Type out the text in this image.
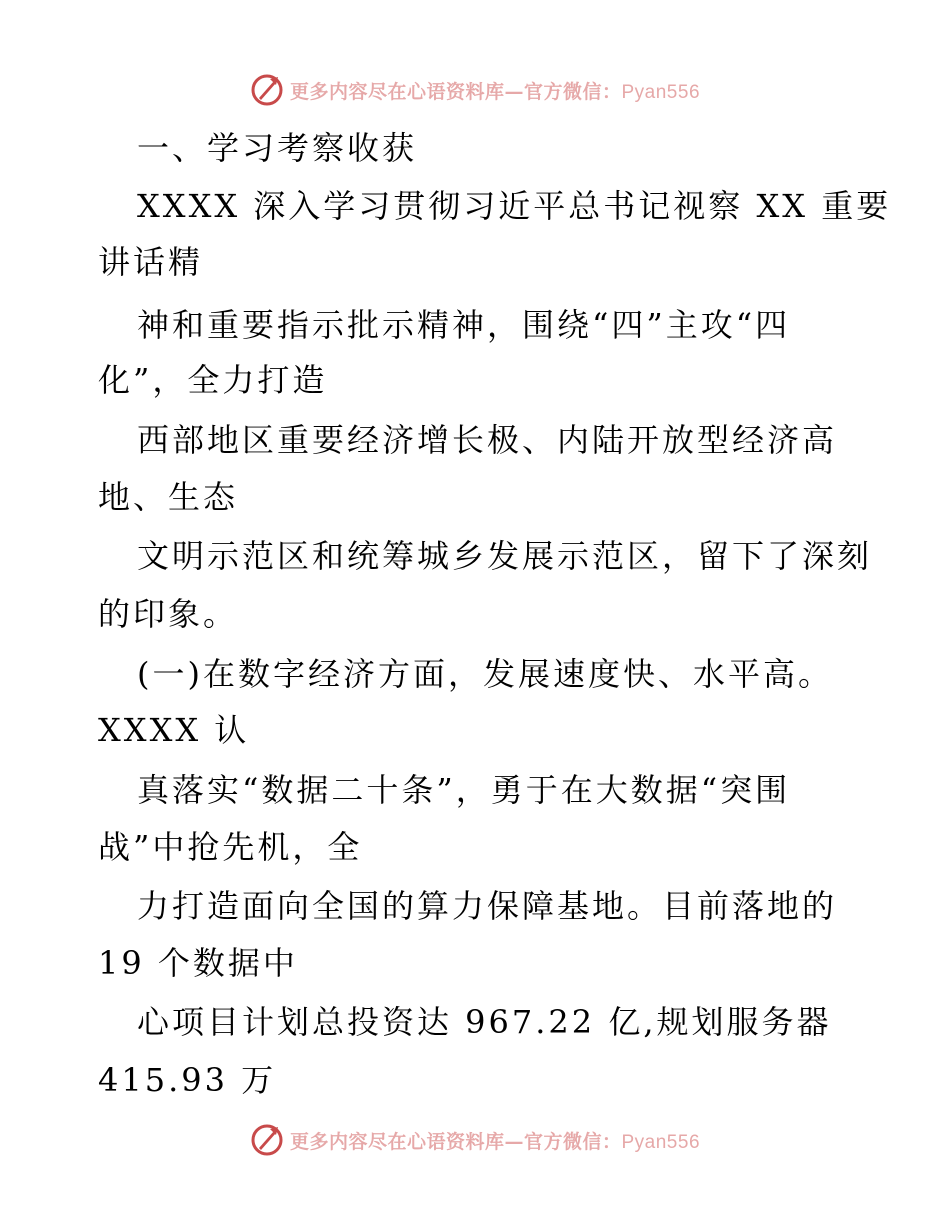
更多内容尽在心语资料库—官方微信：Pyan556
一、学习考察收获
XXXX 深入学习贯彻习近平总书记视察 XX 重要
讲话精
神和重要指示批示精神，围绕“四”主攻“四
化”，全力打造
西部地区重要经济增长极、内陆开放型经济高
地、生态
文明示范区和统筹城乡发展示范区，留下了深刻
的印象。
(一)在数字经济方面，发展速度快、水平高。
XXXX 认
真落实“数据二十条”，勇于在大数据“突围
战”中抢先机，全
力打造面向全国的算力保障基地。目前落地的
19 个数据中
心项目计划总投资达 967.22 亿,规划服务器
415.93 万
更多内容尽在心语资料库—官方微信：Pyan556
